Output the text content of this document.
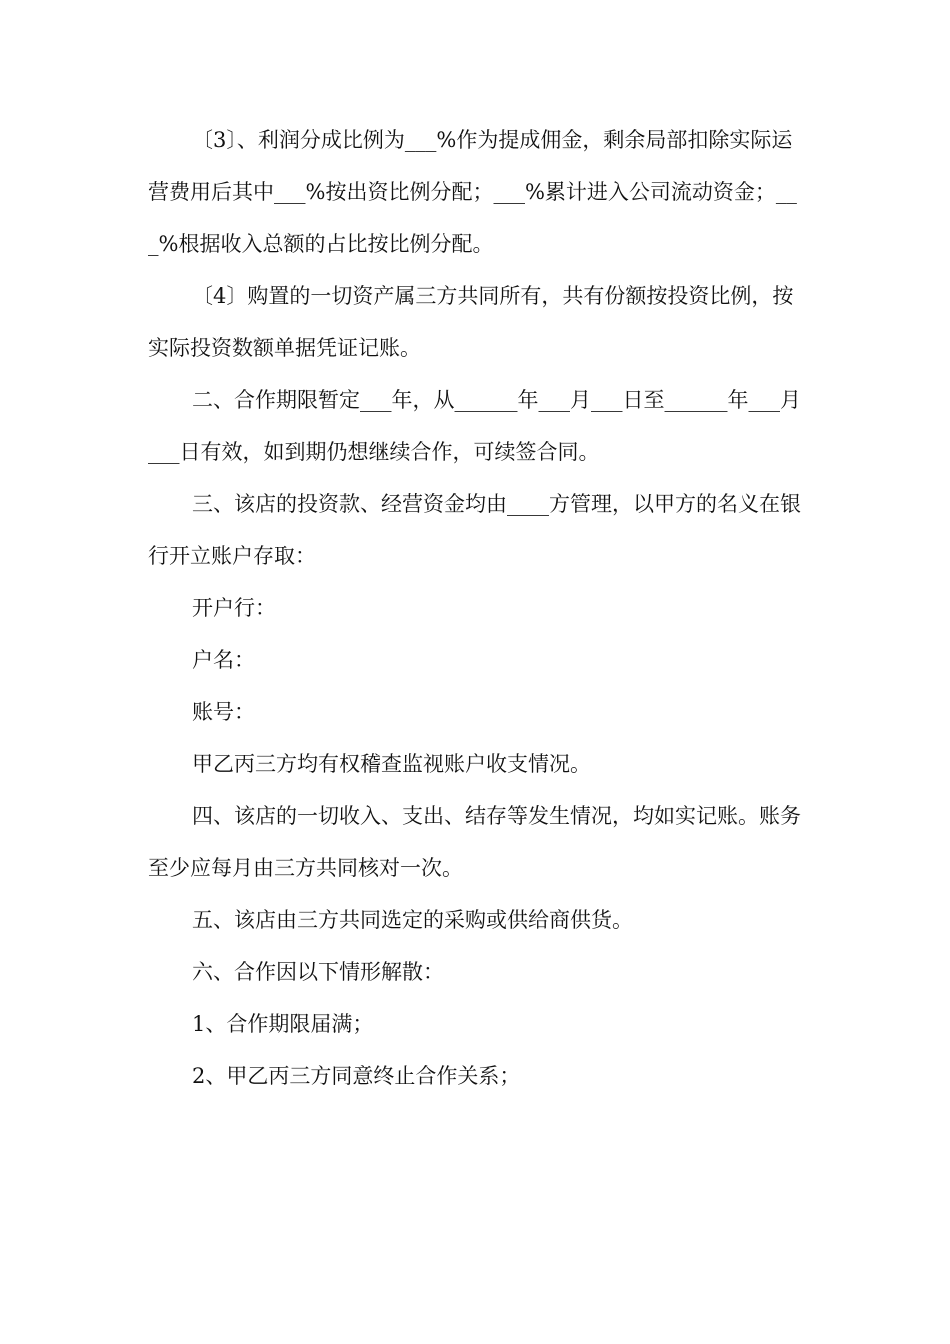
〔3〕、利润分成比例为___%作为提成佣金，剩余局部扣除实际运营费用后其中___%按出资比例分配；___%累计进入公司流动资金；___%根据收入总额的占比按比例分配。

〔4〕购置的一切资产属三方共同所有，共有份额按投资比例，按实际投资数额单据凭证记账。

二、合作期限暂定___年，从______年___月___日至______年___月___日有效，如到期仍想继续合作，可续签合同。

三、该店的投资款、经营资金均由____方管理，以甲方的名义在银行开立账户存取：

开户行：

户名：

账号：

甲乙丙三方均有权稽查监视账户收支情况。

四、该店的一切收入、支出、结存等发生情况，均如实记账。账务至少应每月由三方共同核对一次。

五、该店由三方共同选定的采购或供给商供货。

六、合作因以下情形解散：

1、合作期限届满；

2、甲乙丙三方同意终止合作关系；
